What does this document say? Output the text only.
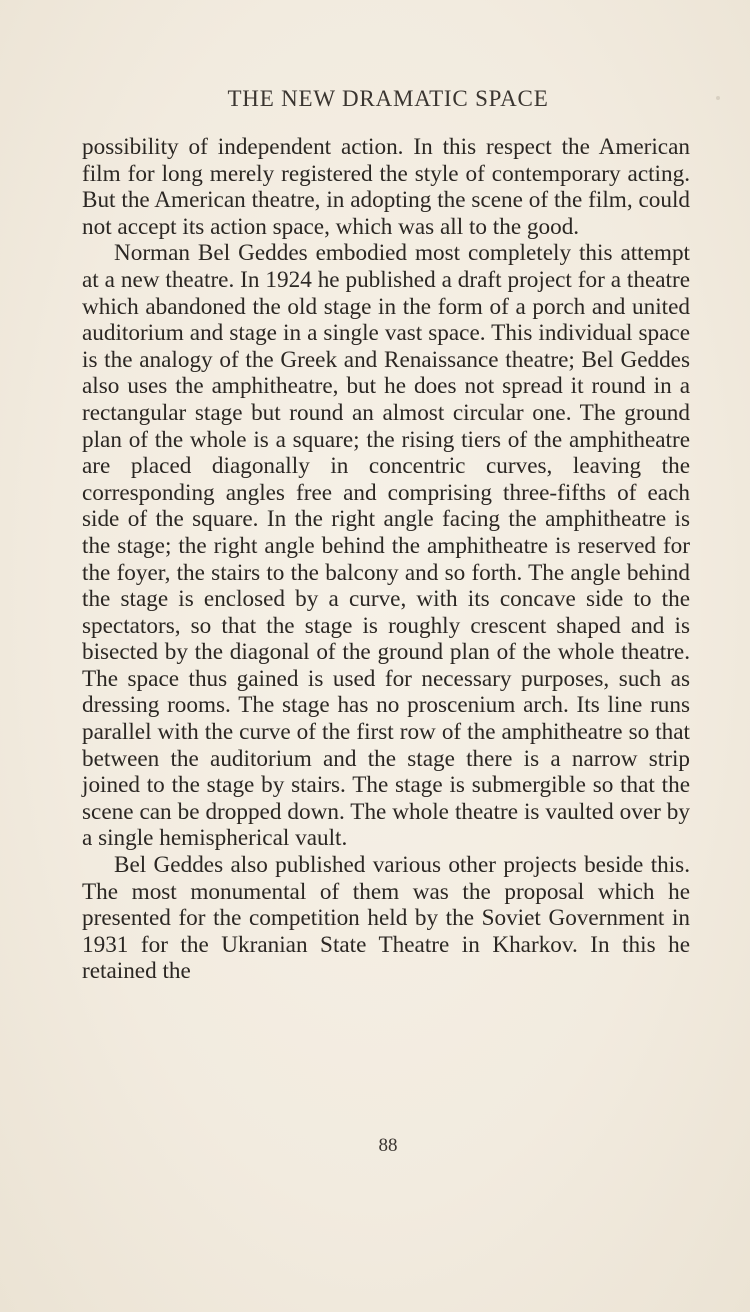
THE NEW DRAMATIC SPACE

possibility of independent action. In this respect the American film for long merely registered the style of contemporary acting. But the American theatre, in adopting the scene of the film, could not accept its action space, which was all to the good.

Norman Bel Geddes embodied most completely this attempt at a new theatre. In 1924 he published a draft project for a theatre which abandoned the old stage in the form of a porch and united auditorium and stage in a single vast space. This individual space is the analogy of the Greek and Renaissance theatre; Bel Geddes also uses the amphitheatre, but he does not spread it round in a rectangular stage but round an almost circular one. The ground plan of the whole is a square; the rising tiers of the amphitheatre are placed diagonally in concentric curves, leaving the corresponding angles free and comprising three-fifths of each side of the square. In the right angle facing the amphitheatre is the stage; the right angle behind the amphitheatre is reserved for the foyer, the stairs to the balcony and so forth. The angle behind the stage is enclosed by a curve, with its concave side to the spectators, so that the stage is roughly crescent shaped and is bisected by the diagonal of the ground plan of the whole theatre. The space thus gained is used for necessary purposes, such as dressing rooms. The stage has no proscenium arch. Its line runs parallel with the curve of the first row of the amphitheatre so that between the auditorium and the stage there is a narrow strip joined to the stage by stairs. The stage is submergible so that the scene can be dropped down. The whole theatre is vaulted over by a single hemispherical vault.

Bel Geddes also published various other projects beside this. The most monumental of them was the proposal which he presented for the competition held by the Soviet Government in 1931 for the Ukranian State Theatre in Kharkov. In this he retained the

88
